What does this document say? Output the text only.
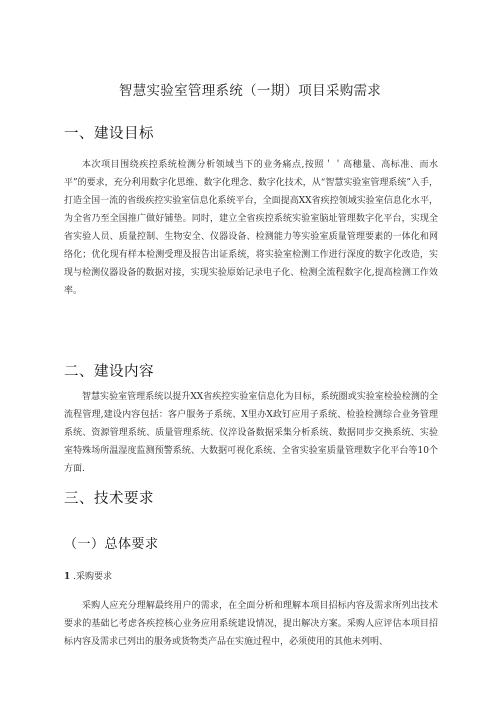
智慧实验室管理系统（一期）项目采购需求
一、建设目标
本次项目围绕疾控系统检测分析领域当下的业务痛点,按照＇＇高穗量、高标准、而水平”的要求，充分利用数字化思维、数字化理念、数字化技术，从“智慧实验室管理系统”入手，打造全国一流的省级疾控实验室信息化系统平台，全面提高XX省疾控领域实验室信息化水平，为全省乃至全国推广做好铺垫。同时，建立全省疾控系统实验室脑址管理数字化平台，实现全省实验人员、质量控制、生物安全、仪器设备、检测能力等实验室质量管理要素的一体化和网络化；优化现有样本检测受理及报告出证系统，将实验室检测工作进行深度的数字化改造，实现与检测仪器设备的数据对接，实现实验原始记录电子化、检测全流程数字化,提高检测工作效率。
二、建设内容
智慧实验室管理系统以提升XX省疾控实验室信息化为目标，系统圈或实验室检验检测的全流程管理,建设内容包括：客户服务子系统、X里办X政钉应用子系统、检验检测综合业务管理系统、资源管理系统、质量管理系统、仪淬设备数据采集分析系统、数据同步交换系统、实验室特殊场所温湿度监测预警系统、大数据可视化系统、全省实验室质量管理数字化平台等10个方面.
三、技术要求
（一）总体要求
1 .采购要求
采购人应充分理解最终用户的需求，在全面分析和理解本项目招标内容及需求所列出技术要求的基础匕考虑各疾控核心业务应用系统建设情况，提出解决方案。采购人应评估本项目招标内容及需求已列出的服务或货物类产品在实施过程中，必须使用的其他未列明、
